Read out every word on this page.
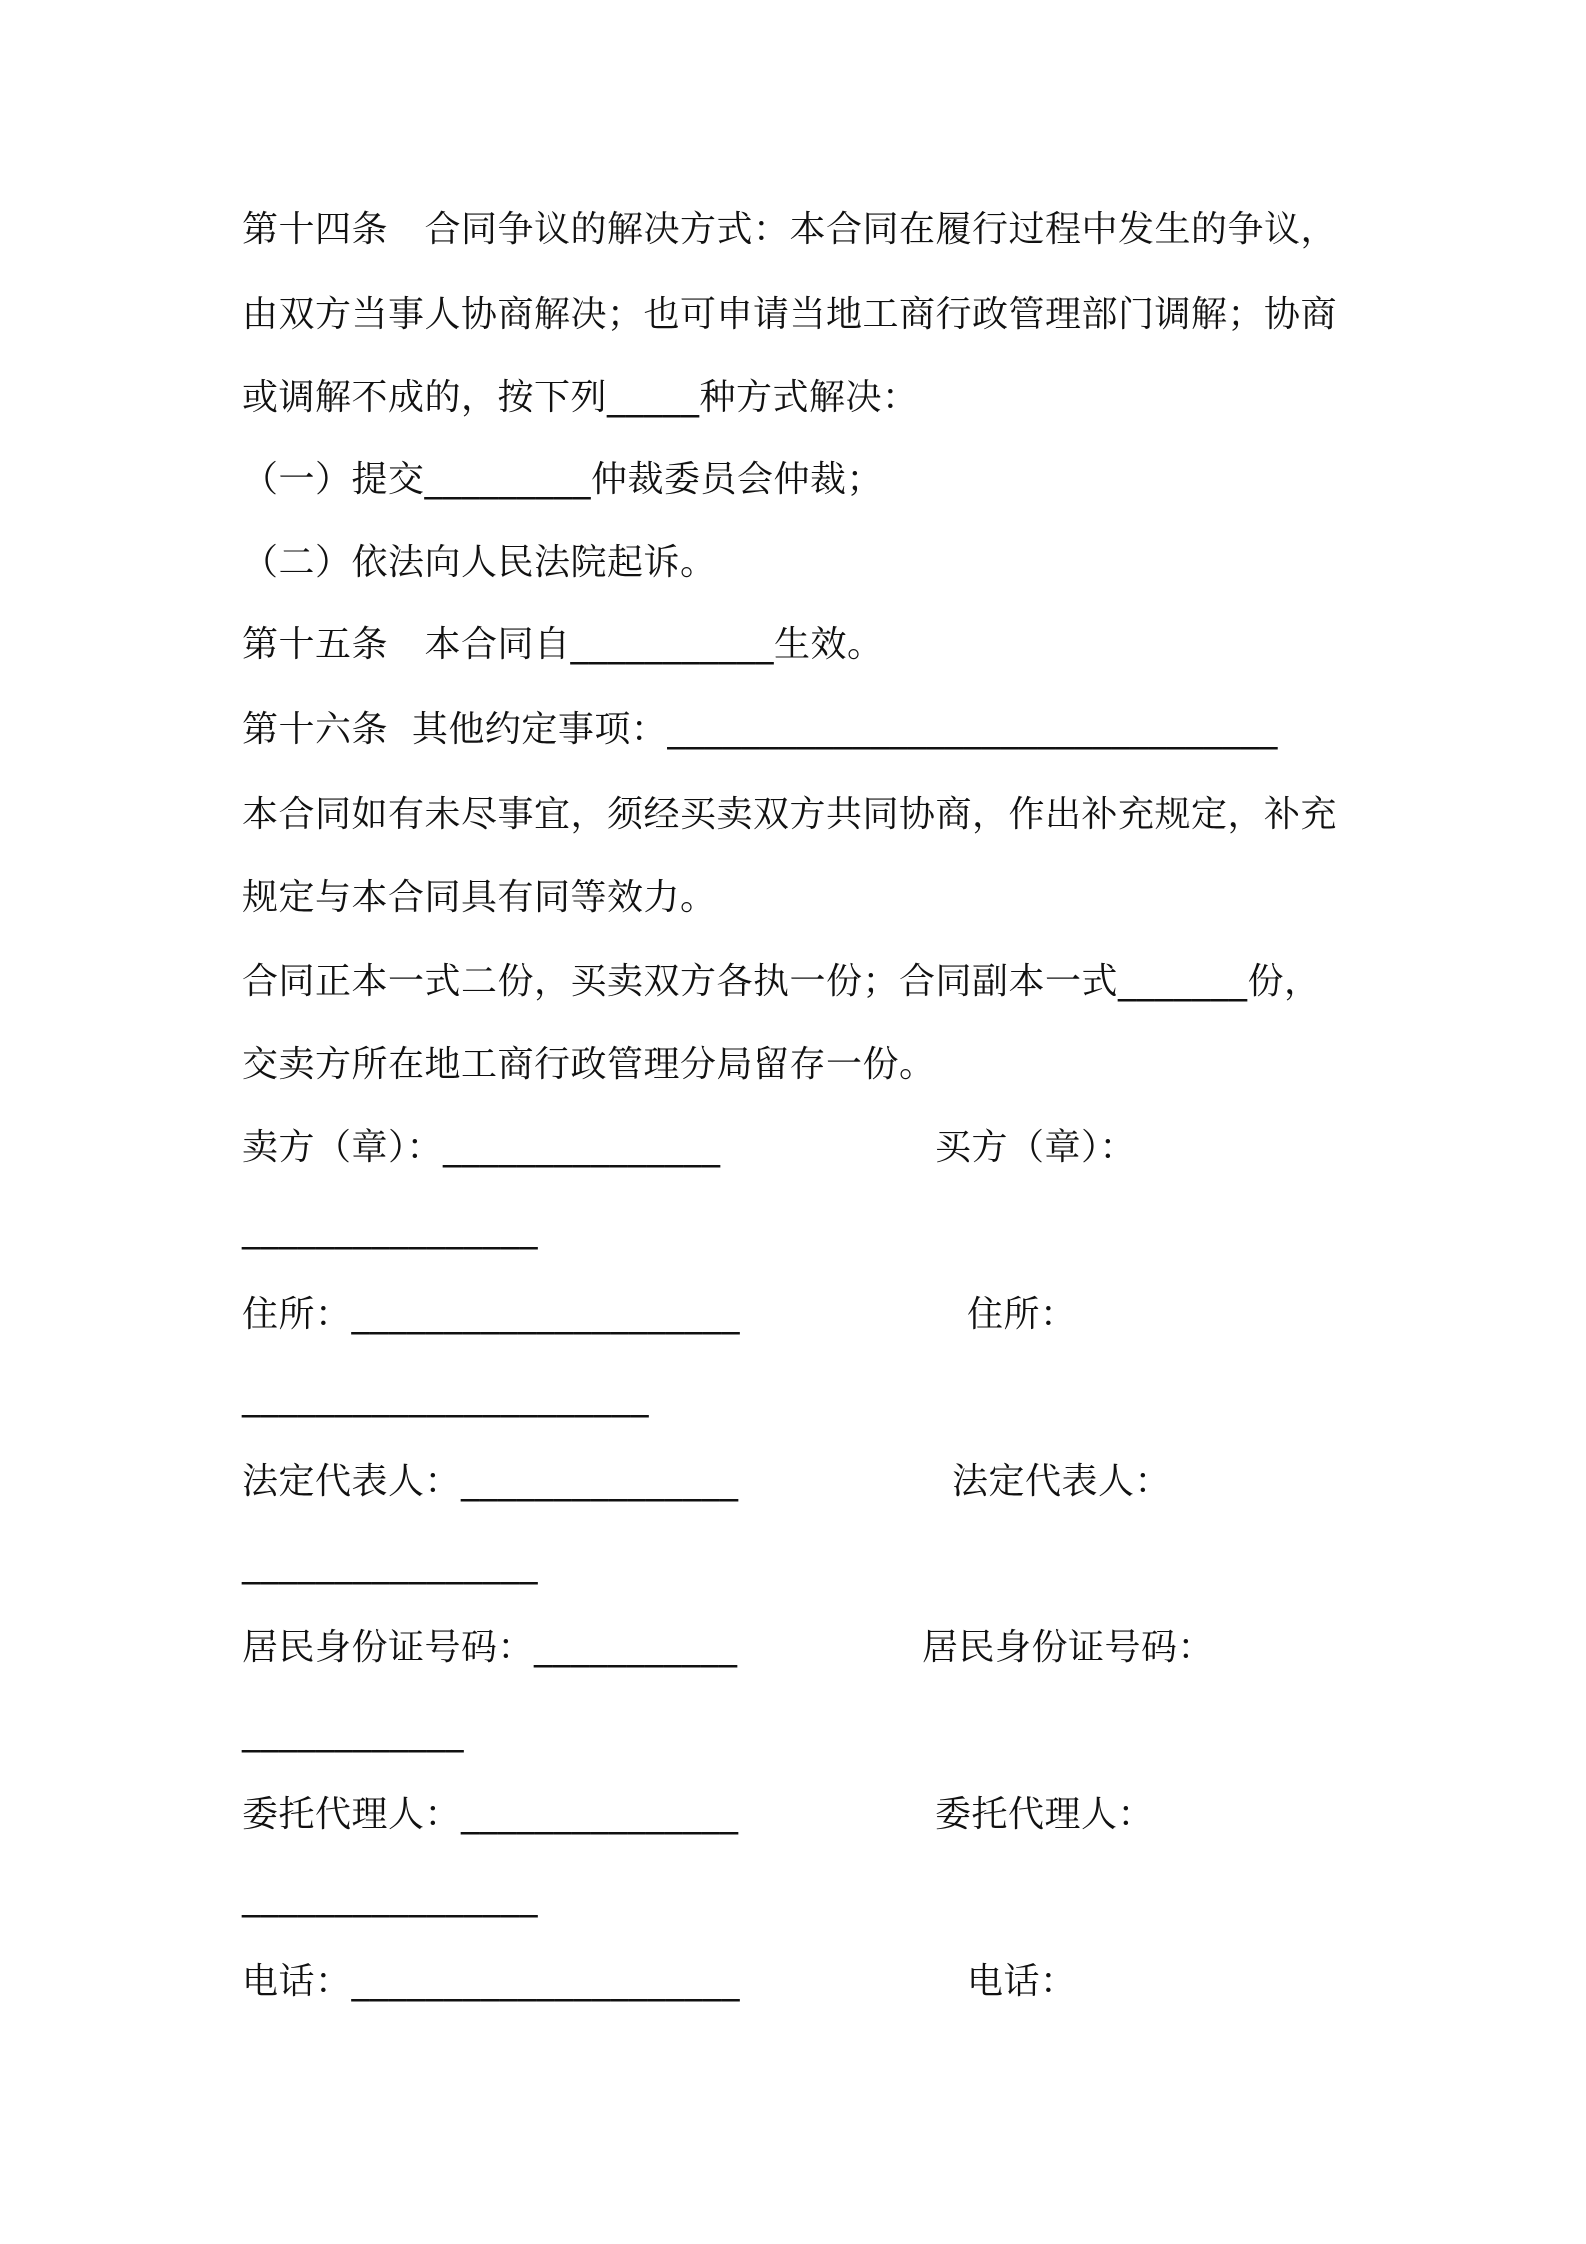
第十四条　合同争议的解决方式：本合同在履行过程中发生的争议，
由双方当事人协商解决；也可申请当地工商行政管理部门调解；协商
或调解不成的，按下列_____种方式解决：
（一）提交_________仲裁委员会仲裁；
（二）依法向人民法院起诉。
第十五条　本合同自___________生效。
第十六条  其他约定事项：_________________________________
本合同如有未尽事宜，须经买卖双方共同协商，作出补充规定，补充
规定与本合同具有同等效力。
合同正本一式二份，买卖双方各执一份；合同副本一式_______份，
交卖方所在地工商行政管理分局留存一份。
卖方（章）：_______________	买方（章）：
________________
住所：_____________________	住所：
______________________
法定代表人：_______________	法定代表人：
________________
居民身份证号码：___________	居民身份证号码：
____________
委托代理人：_______________	委托代理人：
________________
电话：_____________________	电话：
